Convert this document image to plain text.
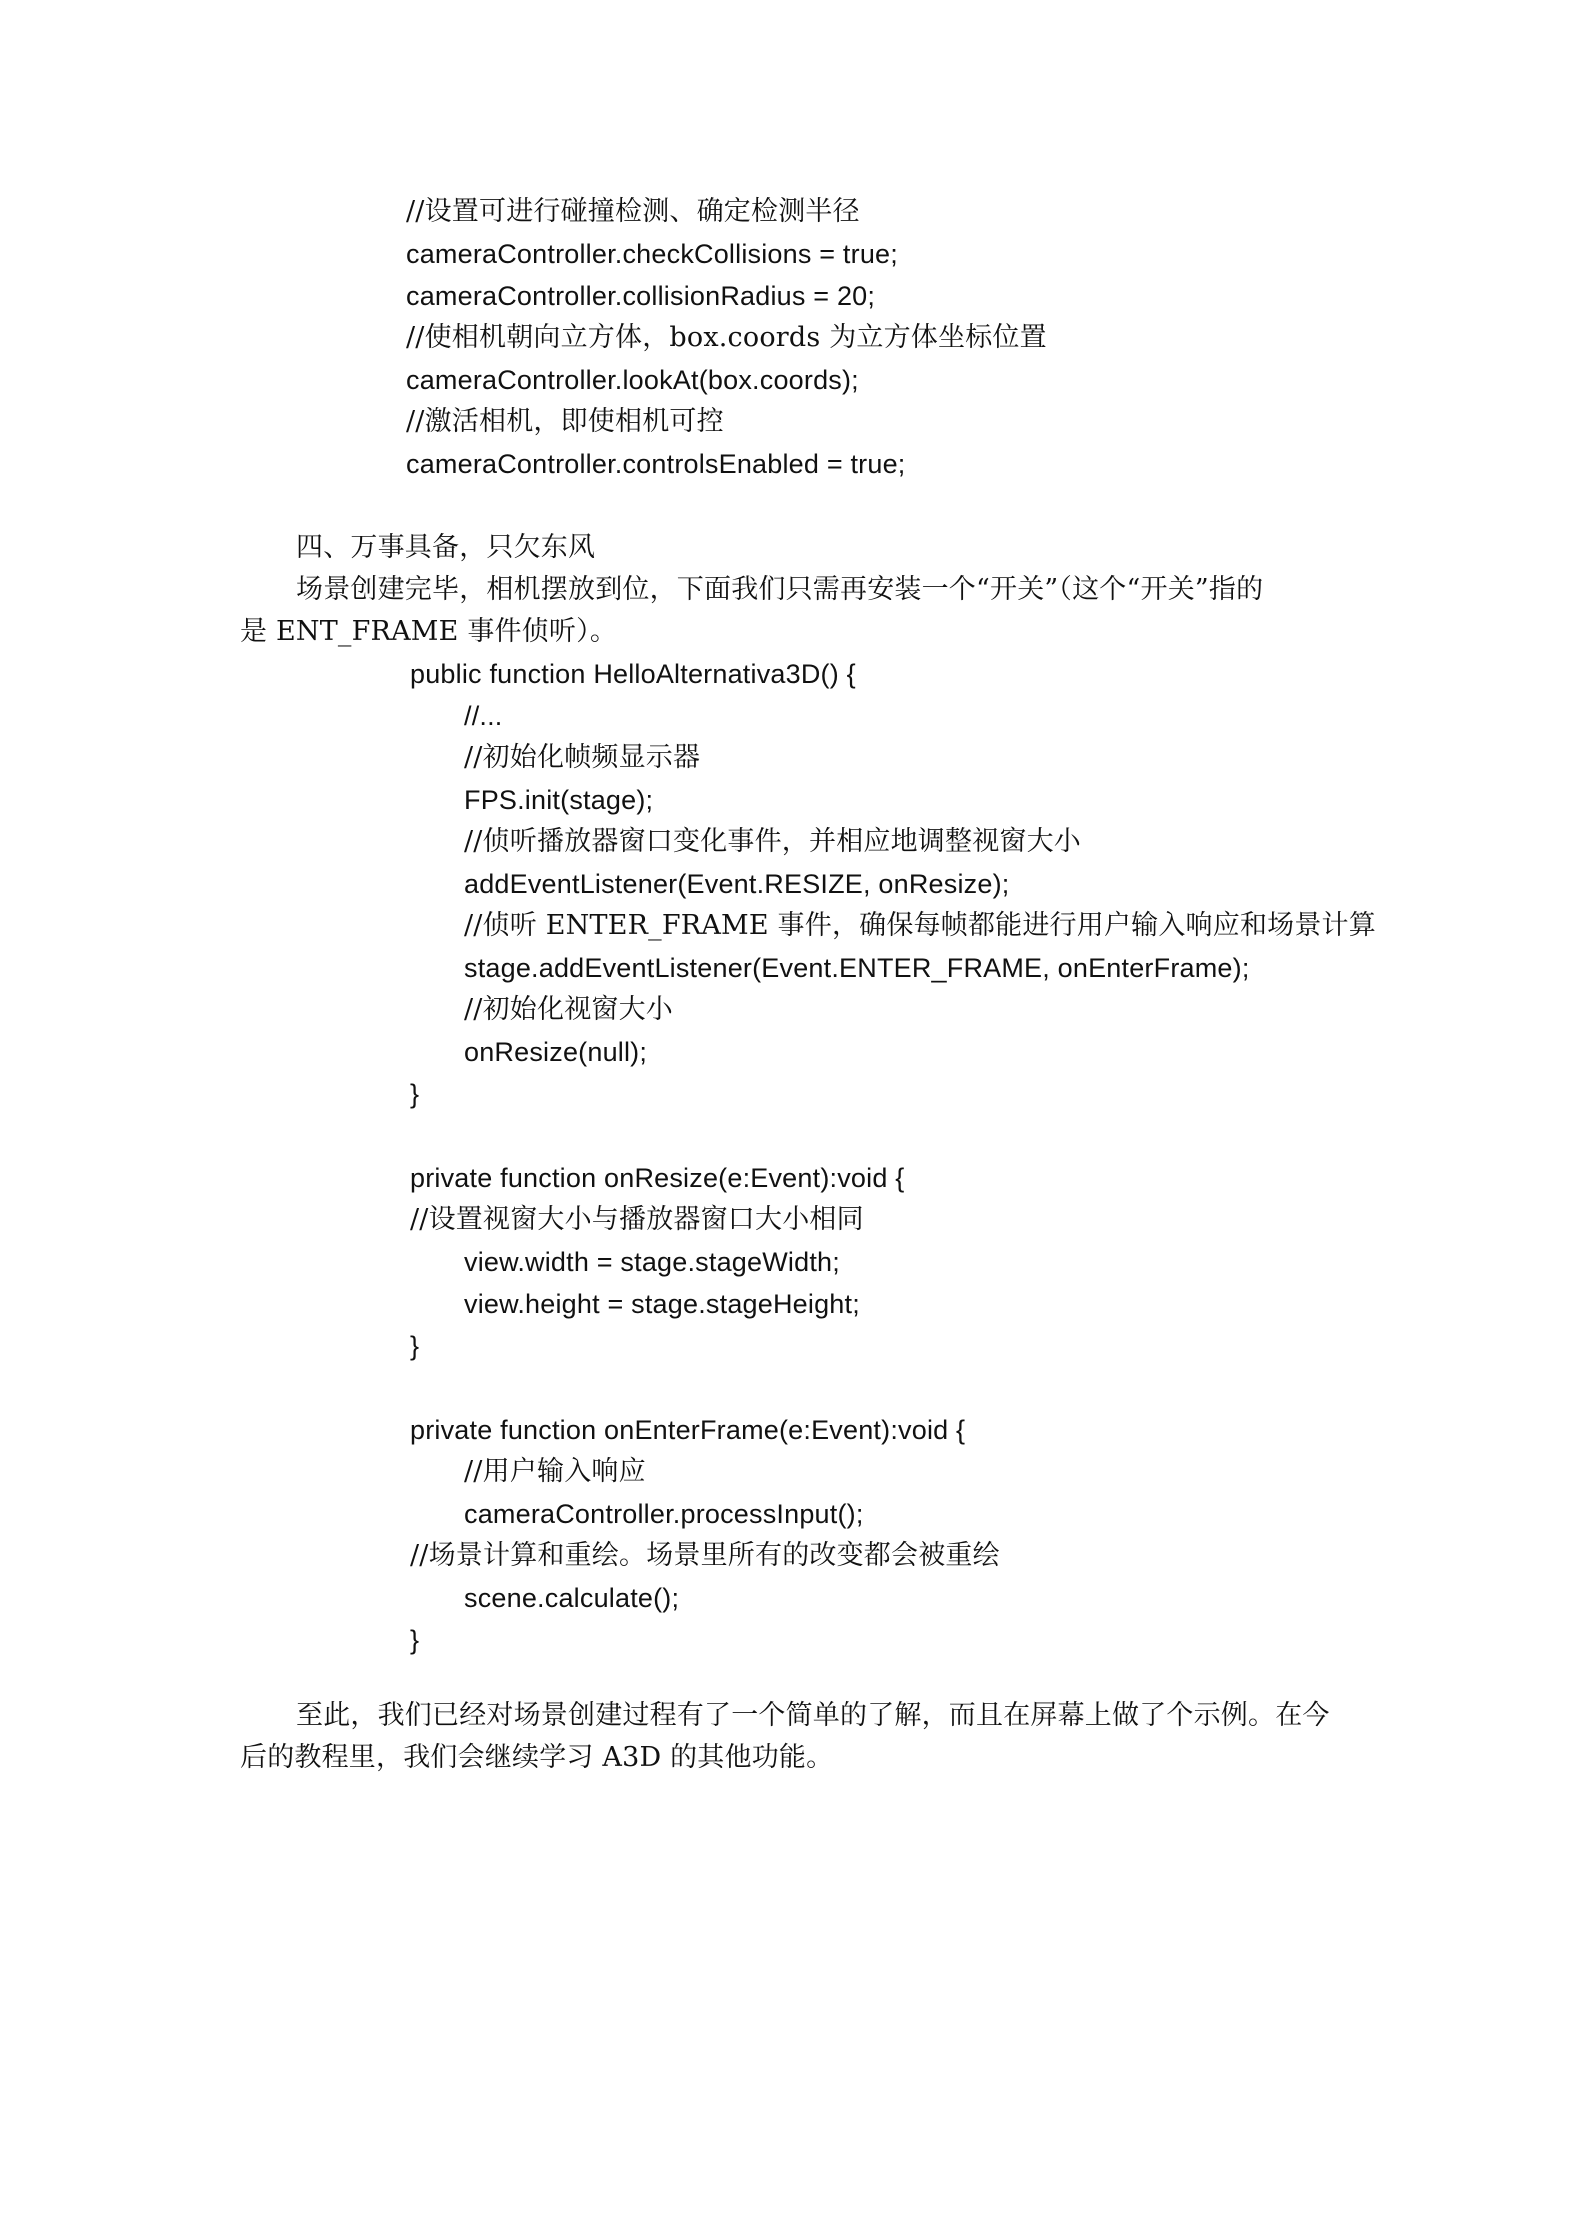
//设置可进行碰撞检测、确定检测半径
cameraController.checkCollisions = true;
cameraController.collisionRadius = 20;
//使相机朝向立方体，box.coords 为立方体坐标位置
cameraController.lookAt(box.coords);
//激活相机，即使相机可控
cameraController.controlsEnabled = true;
四、万事具备，只欠东风
场景创建完毕，相机摆放到位，下面我们只需再安装一个“开关”（这个“开关”指的
是 ENT_FRAME 事件侦听）。
public function HelloAlternativa3D() {
//...
//初始化帧频显示器
FPS.init(stage);
//侦听播放器窗口变化事件，并相应地调整视窗大小
addEventListener(Event.RESIZE, onResize);
//侦听 ENTER_FRAME 事件，确保每帧都能进行用户输入响应和场景计算
stage.addEventListener(Event.ENTER_FRAME, onEnterFrame);
//初始化视窗大小
onResize(null);
}
private function onResize(e:Event):void {
//设置视窗大小与播放器窗口大小相同
view.width = stage.stageWidth;
view.height = stage.stageHeight;
}
private function onEnterFrame(e:Event):void {
//用户输入响应
cameraController.processInput();
//场景计算和重绘。场景里所有的改变都会被重绘
scene.calculate();
}
至此，我们已经对场景创建过程有了一个简单的了解，而且在屏幕上做了个示例。在今
后的教程里，我们会继续学习 A3D 的其他功能。
